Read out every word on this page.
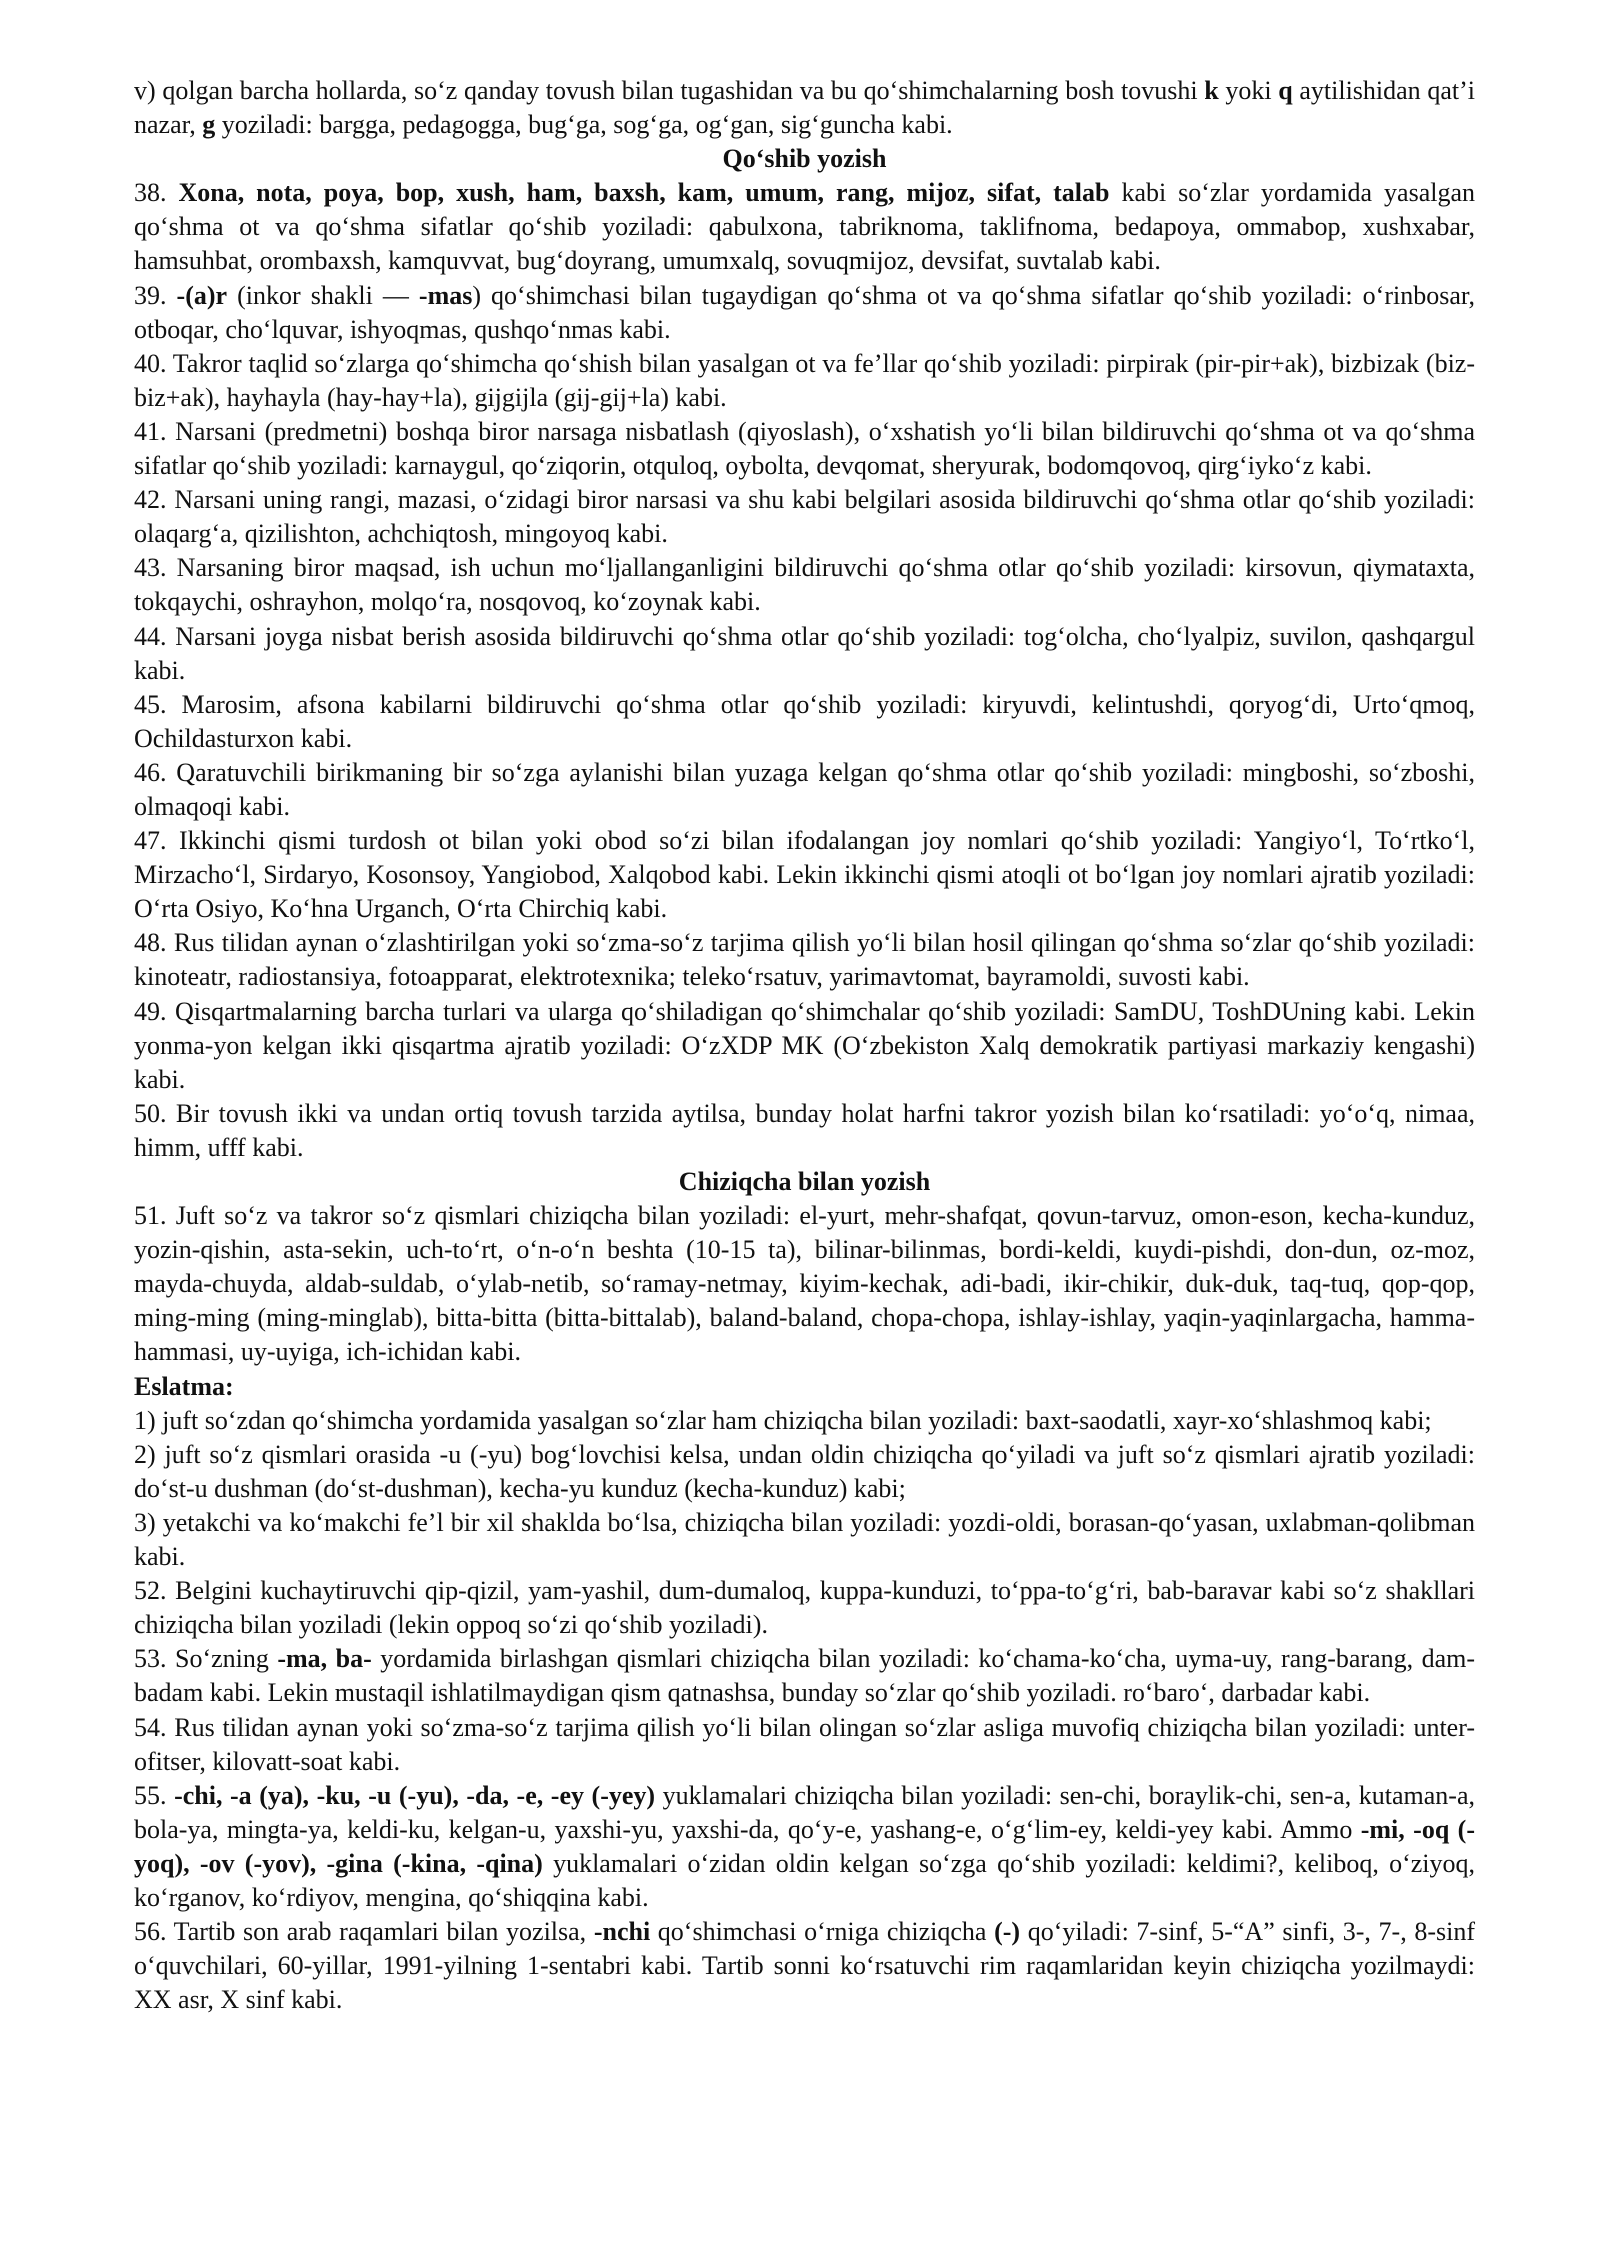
v) qolgan barcha hollarda, so‘z qanday tovush bilan tugashidan va bu qo‘shimchalarning bosh tovushi k yoki q aytilishidan qat’i nazar, g yoziladi: bargga, pedagogga, bug‘ga, sog‘ga, og‘gan, sig‘guncha kabi.
Qo‘shib yozish
38. Xona, nota, poya, bop, xush, ham, baxsh, kam, umum, rang, mijoz, sifat, talab kabi so‘zlar yordamida yasalgan qo‘shma ot va qo‘shma sifatlar qo‘shib yoziladi: qabulxona, tabriknoma, taklifnoma, bedapoya, ommabop, xushxabar, hamsuhbat, orombaxsh, kamquvvat, bug‘doyrang, umumxalq, sovuqmijoz, devsifat, suvtalab kabi.
39. -(a)r (inkor shakli — -mas) qo‘shimchasi bilan tugaydigan qo‘shma ot va qo‘shma sifatlar qo‘shib yoziladi: o‘rinbosar, otboqar, cho‘lquvar, ishyoqmas, qushqo‘nmas kabi.
40. Takror taqlid so‘zlarga qo‘shimcha qo‘shish bilan yasalgan ot va fe’llar qo‘shib yoziladi: pirpirak (pir-pir+ak), bizbizak (biz-biz+ak), hayhayla (hay-hay+la), gijgijla (gij-gij+la) kabi.
41. Narsani (predmetni) boshqa biror narsaga nisbatlash (qiyoslash), o‘xshatish yo‘li bilan bildiruvchi qo‘shma ot va qo‘shma sifatlar qo‘shib yoziladi: karnaygul, qo‘ziqorin, otquloq, oybolta, devqomat, sheryurak, bodomqovoq, qirg‘iyko‘z kabi.
42. Narsani uning rangi, mazasi, o‘zidagi biror narsasi va shu kabi belgilari asosida bildiruvchi qo‘shma otlar qo‘shib yoziladi: olaqarg‘a, qizilishton, achchiqtosh, mingoyoq kabi.
43. Narsaning biror maqsad, ish uchun mo‘ljallanganligini bildiruvchi qo‘shma otlar qo‘shib yoziladi: kirsovun, qiymataxta, tokqaychi, oshrayhon, molqo‘ra, nosqovoq, ko‘zoynak kabi.
44. Narsani joyga nisbat berish asosida bildiruvchi qo‘shma otlar qo‘shib yoziladi: tog‘olcha, cho‘lyalpiz, suvilon, qashqargul kabi.
45. Marosim, afsona kabilarni bildiruvchi qo‘shma otlar qo‘shib yoziladi: kiryuvdi, kelintushdi, qoryog‘di, Urto‘qmoq, Ochildasturxon kabi.
46. Qaratuvchili birikmaning bir so‘zga aylanishi bilan yuzaga kelgan qo‘shma otlar qo‘shib yoziladi: mingboshi, so‘zboshi, olmaqoqi kabi.
47. Ikkinchi qismi turdosh ot bilan yoki obod so‘zi bilan ifodalangan joy nomlari qo‘shib yoziladi: Yangiyo‘l, To‘rtko‘l, Mirzacho‘l, Sirdaryo, Kosonsoy, Yangiobod, Xalqobod kabi. Lekin ikkinchi qismi atoqli ot bo‘lgan joy nomlari ajratib yoziladi: O‘rta Osiyo, Ko‘hna Urganch, O‘rta Chirchiq kabi.
48. Rus tilidan aynan o‘zlashtirilgan yoki so‘zma-so‘z tarjima qilish yo‘li bilan hosil qilingan qo‘shma so‘zlar qo‘shib yoziladi: kinoteatr, radiostansiya, fotoapparat, elektrotexnika; teleko‘rsatuv, yarimavtomat, bayramoldi, suvosti kabi.
49. Qisqartmalarning barcha turlari va ularga qo‘shiladigan qo‘shimchalar qo‘shib yoziladi: SamDU, ToshDUning kabi. Lekin yonma-yon kelgan ikki qisqartma ajratib yoziladi: O‘zXDP MK (O‘zbekiston Xalq demokratik partiyasi markaziy kengashi) kabi.
50. Bir tovush ikki va undan ortiq tovush tarzida aytilsa, bunday holat harfni takror yozish bilan ko‘rsatiladi: yo‘o‘q, nimaa, himm, ufff kabi.
Chiziqcha bilan yozish
51. Juft so‘z va takror so‘z qismlari chiziqcha bilan yoziladi: el-yurt, mehr-shafqat, qovun-tarvuz, omon-eson, kecha-kunduz, yozin-qishin, asta-sekin, uch-to‘rt, o‘n-o‘n beshta (10-15 ta), bilinar-bilinmas, bordi-keldi, kuydi-pishdi, don-dun, oz-moz, mayda-chuyda, aldab-suldab, o‘ylab-netib, so‘ramay-netmay, kiyim-kechak, adi-badi, ikir-chikir, duk-duk, taq-tuq, qop-qop, ming-ming (ming-minglab), bitta-bitta (bitta-bittalab), baland-baland, chopa-chopa, ishlay-ishlay, yaqin-yaqinlargacha, hamma-hammasi, uy-uyiga, ich-ichidan kabi.
Eslatma:
1) juft so‘zdan qo‘shimcha yordamida yasalgan so‘zlar ham chiziqcha bilan yoziladi: baxt-saodatli, xayr-xo‘shlashmoq kabi;
2) juft so‘z qismlari orasida -u (-yu) bog‘lovchisi kelsa, undan oldin chiziqcha qo‘yiladi va juft so‘z qismlari ajratib yoziladi: do‘st-u dushman (do‘st-dushman), kecha-yu kunduz (kecha-kunduz) kabi;
3) yetakchi va ko‘makchi fe’l bir xil shaklda bo‘lsa, chiziqcha bilan yoziladi: yozdi-oldi, borasan-qo‘yasan, uxlabman-qolibman kabi.
52. Belgini kuchaytiruvchi qip-qizil, yam-yashil, dum-dumaloq, kuppa-kunduzi, to‘ppa-to‘g‘ri, bab-baravar kabi so‘z shakllari chiziqcha bilan yoziladi (lekin oppoq so‘zi qo‘shib yoziladi).
53. So‘zning -ma, ba- yordamida birlashgan qismlari chiziqcha bilan yoziladi: ko‘chama-ko‘cha, uyma-uy, rang-barang, dam-badam kabi. Lekin mustaqil ishlatilmaydigan qism qatnashsa, bunday so‘zlar qo‘shib yoziladi. ro‘baro‘, darbadar kabi.
54. Rus tilidan aynan yoki so‘zma-so‘z tarjima qilish yo‘li bilan olingan so‘zlar asliga muvofiq chiziqcha bilan yoziladi: unter-ofitser, kilovatt-soat kabi.
55. -chi, -a (ya), -ku, -u (-yu), -da, -e, -ey (-yey) yuklamalari chiziqcha bilan yoziladi: sen-chi, boraylik-chi, sen-a, kutaman-a, bola-ya, mingta-ya, keldi-ku, kelgan-u, yaxshi-yu, yaxshi-da, qo‘y-e, yashang-e, o‘g‘lim-ey, keldi-yey kabi. Ammo -mi, -oq (-yoq), -ov (-yov), -gina (-kina, -qina) yuklamalari o‘zidan oldin kelgan so‘zga qo‘shib yoziladi: keldimi?, keliboq, o‘ziyoq, ko‘rganov, ko‘rdiyov, mengina, qo‘shiqqina kabi.
56. Tartib son arab raqamlari bilan yozilsa, -nchi qo‘shimchasi o‘rniga chiziqcha (-) qo‘yiladi: 7-sinf, 5-“A” sinfi, 3-, 7-, 8-sinf o‘quvchilari, 60-yillar, 1991-yilning 1-sentabri kabi. Tartib sonni ko‘rsatuvchi rim raqamlaridan keyin chiziqcha yozilmaydi: XX asr, X sinf kabi.
